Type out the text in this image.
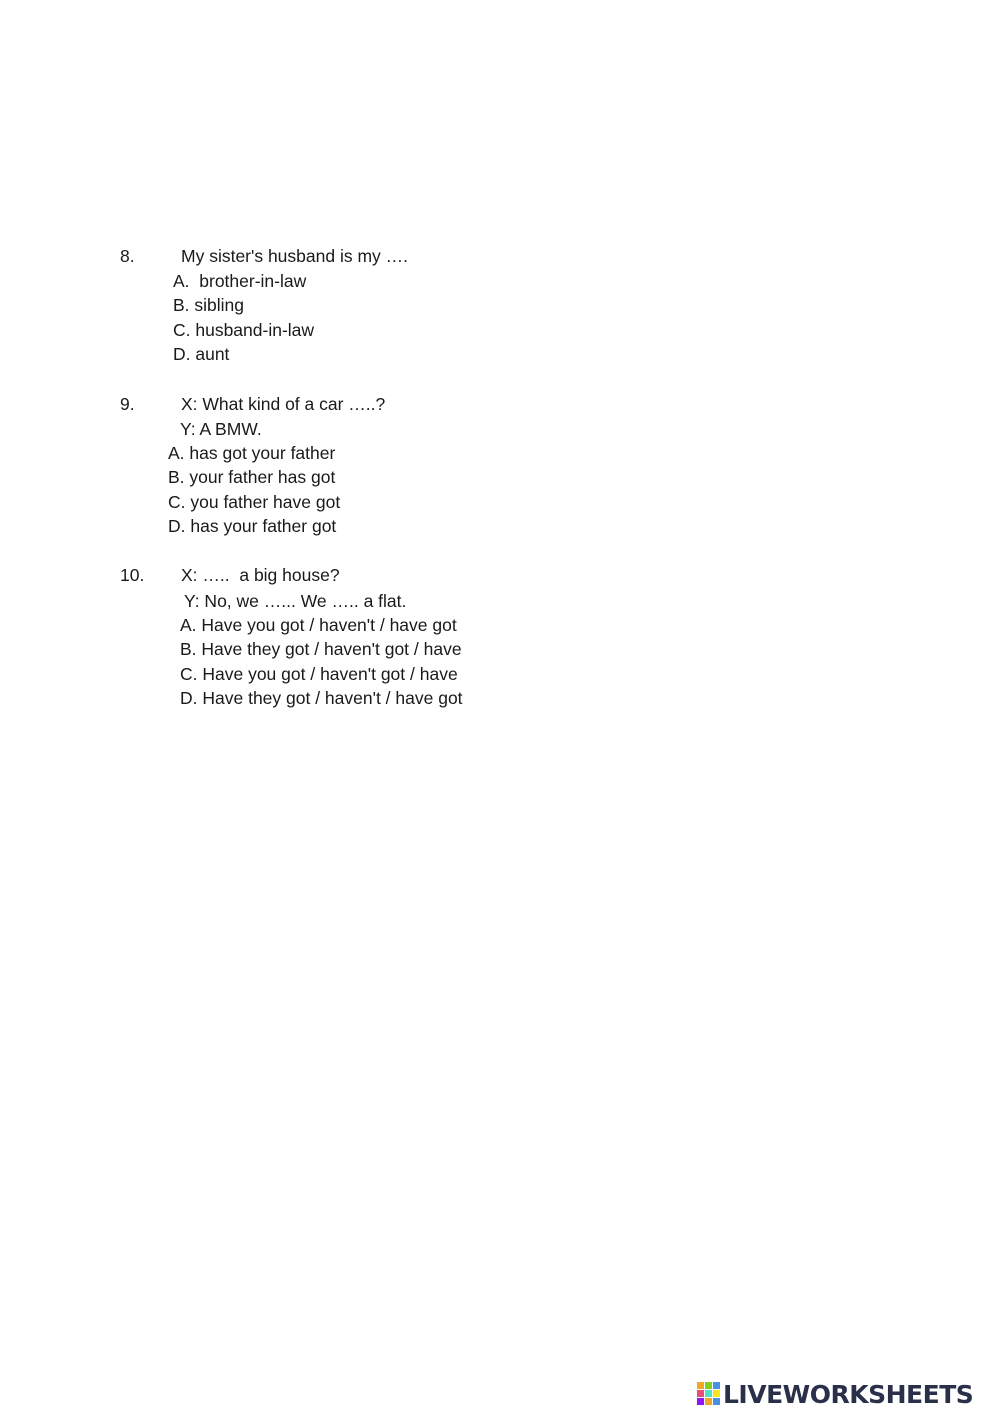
8.	My sister's husband is my ….
A.  brother-in-law
B. sibling
C. husband-in-law
D. aunt
9.	X: What kind of a car …..?
Y: A BMW.
A. has got your father
B. your father has got
C. you father have got
D. has your father got
10. X: …..  a big house?
Y: No, we …... We ….. a flat.
A. Have you got / haven't / have got
B. Have they got / haven't got / have
C. Have you got / haven't got / have
D. Have they got / haven't / have got
LIVEWORKSHEETS
